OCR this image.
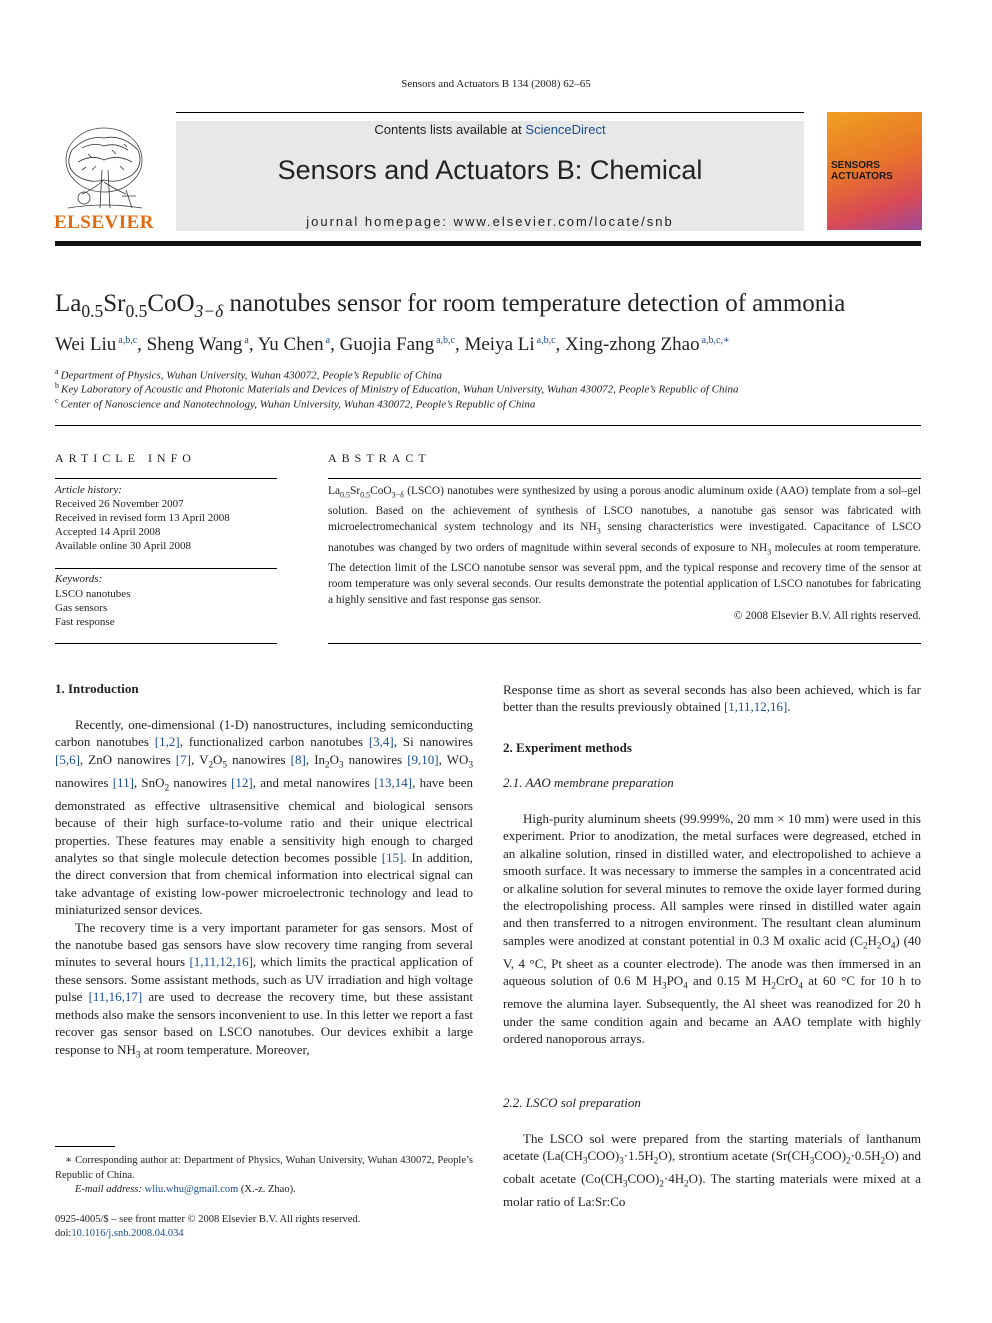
Sensors and Actuators B 134 (2008) 62–65
Contents lists available at ScienceDirect
Sensors and Actuators B: Chemical
journal homepage: www.elsevier.com/locate/snb
ELSEVIER
SENSORS
ACTUATORS
$La_{0.5}Sr_{0.5}CoO_{3-\delta}$ nanotubes sensor for room temperature detection of ammonia
Wei Liu $^{a,b,c}$, Sheng Wang $^a$, Yu Chen $^a$, Guojia Fang $^{a,b,c}$, Meiya Li $^{a,b,c}$, Xing-zhong Zhao $^{a,b,c,∗}$
$^a$ Department of Physics, Wuhan University, Wuhan 430072, People’s Republic of China
$^b$ Key Laboratory of Acoustic and Photonic Materials and Devices of Ministry of Education, Wuhan University, Wuhan 430072, People’s Republic of China
$^c$ Center of Nanoscience and Nanotechnology, Wuhan University, Wuhan 430072, People’s Republic of China
ARTICLE INFO
Article history:
Received 26 November 2007
Received in revised form 13 April 2008
Accepted 14 April 2008
Available online 30 April 2008
Keywords:
LSCO nanotubes
Gas sensors
Fast response
ABSTRACT
$La_{0.5}Sr_{0.5}CoO_{3-\delta}$ (LSCO) nanotubes were synthesized by using a porous anodic aluminum oxide (AAO) template from a sol–gel solution. Based on the achievement of synthesis of LSCO nanotubes, a nanotube gas sensor was fabricated with microelectromechanical system technology and its $NH_3$ sensing characteristics were investigated. Capacitance of LSCO nanotubes was changed by two orders of magnitude within several seconds of exposure to $NH_3$ molecules at room temperature. The detection limit of the LSCO nanotube sensor was several ppm, and the typical response and recovery time of the sensor at room temperature was only several seconds. Our results demonstrate the potential application of LSCO nanotubes for fabricating a highly sensitive and fast response gas sensor.
© 2008 Elsevier B.V. All rights reserved.
1. Introduction

Recently, one-dimensional (1-D) nanostructures, including semiconducting carbon nanotubes [1,2], functionalized carbon nanotubes [3,4], Si nanowires [5,6], ZnO nanowires [7], $V_2O_5$ nanowires [8], $In_2O_3$ nanowires [9,10], $WO_3$ nanowires [11], SnO$_2$ nanowires [12], and metal nanowires [13,14], have been demonstrated as effective ultrasensitive chemical and biological sensors because of their high surface-to-volume ratio and their unique electrical properties. These features may enable a sensitivity high enough to charged analytes so that single molecule detection becomes possible [15]. In addition, the direct conversion that from chemical information into electrical signal can take advantage of existing low-power microelectronic technology and lead to miniaturized sensor devices.

The recovery time is a very important parameter for gas sensors. Most of the nanotube based gas sensors have slow recovery time ranging from several minutes to several hours [1,11,12,16], which limits the practical application of these sensors. Some assistant methods, such as UV irradiation and high voltage pulse [11,16,17] are used to decrease the recovery time, but these assistant methods also make the sensors inconvenient to use. In this letter we report a fast recover gas sensor based on LSCO nanotubes. Our devices exhibit a large response to $NH_3$ at room temperature. Moreover,

∗ Corresponding author at: Department of Physics, Wuhan University, Wuhan 430072, People’s Republic of China.
E-mail address: wliu.whu@gmail.com (X.-z. Zhao).
0925-4005/$ – see front matter © 2008 Elsevier B.V. All rights reserved.
doi:10.1016/j.snb.2008.04.034

Response time as short as several seconds has also been achieved, which is far better than the results previously obtained [1,11,12,16].

2. Experiment methods
2.1. AAO membrane preparation

High-purity aluminum sheets (99.999%, 20 mm × 10 mm) were used in this experiment. Prior to anodization, the metal surfaces were degreased, etched in an alkaline solution, rinsed in distilled water, and electropolished to achieve a smooth surface. It was necessary to immerse the samples in a concentrated acid or alkaline solution for several minutes to remove the oxide layer formed during the electropolishing process. All samples were rinsed in distilled water again and then transferred to a nitrogen environment. The resultant clean aluminum samples were anodized at constant potential in 0.3 M oxalic acid $(C_2H_2O_4)$ (40 V, 4 °C, Pt sheet as a counter electrode). The anode was then immersed in an aqueous solution of 0.6 M $H_3PO_4$ and 0.15 M $H_2CrO_4$ at 60 °C for 10 h to remove the alumina layer. Subsequently, the Al sheet was reanodized for 20 h under the same condition again and became an AAO template with highly ordered nanoporous arrays.

2.2. LSCO sol preparation

The LSCO sol were prepared from the starting materials of lanthanum acetate $(La(CH_3COO)_3\cdot 1.5H_2O)$, strontium acetate $(Sr(CH_3COO)_2\cdot 0.5H_2O)$ and cobalt acetate $(Co(CH_3COO)_2\cdot 4H_2O)$. The starting materials were mixed at a molar ratio of La:Sr:Co
